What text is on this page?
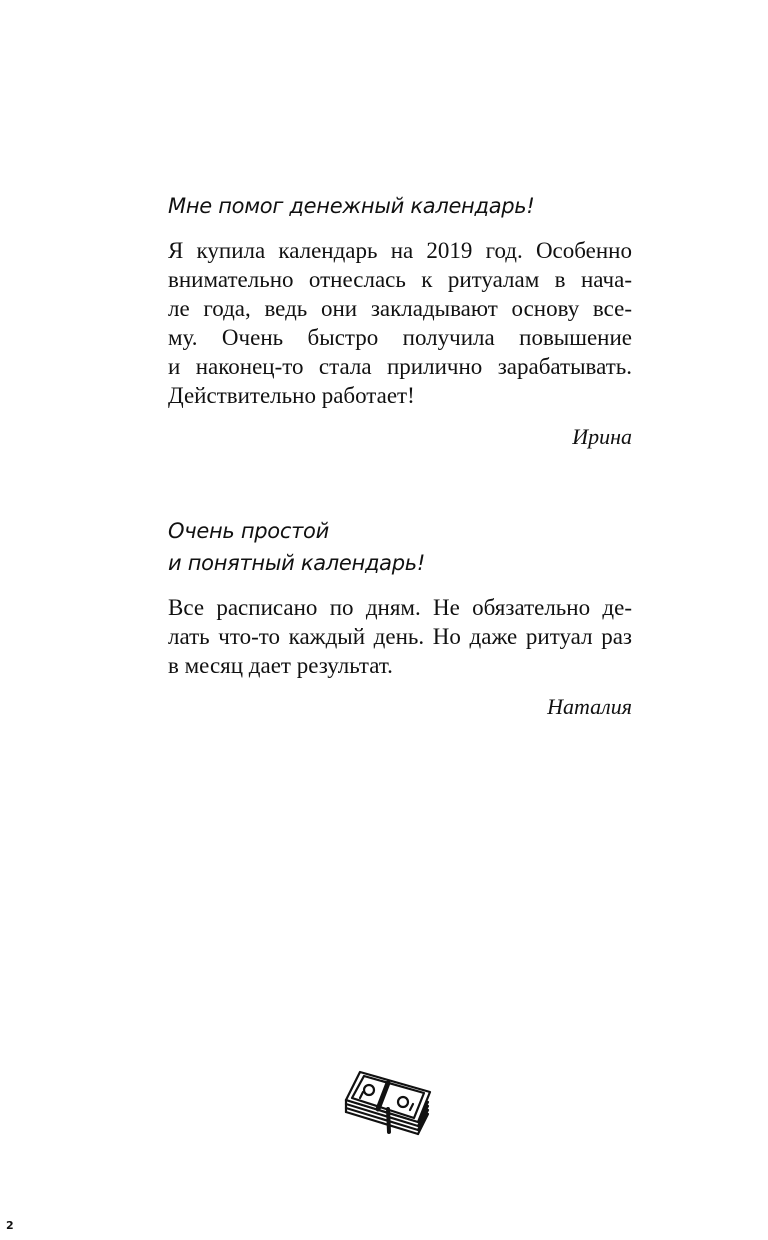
Мне помог денежный календарь!

Я купила календарь на 2019 год. Особенно
внимательно отнеслась к ритуалам в нача-
ле года, ведь они закладывают основу все-
му. Очень быстро получила повышение
и наконец-то стала прилично зарабатывать.
Действительно работает!

Ирина
Очень простой
и понятный календарь!

Все расписано по дням. Не обязательно де-
лать что-то каждый день. Но даже ритуал раз
в месяц дает результат.

Наталия
2
